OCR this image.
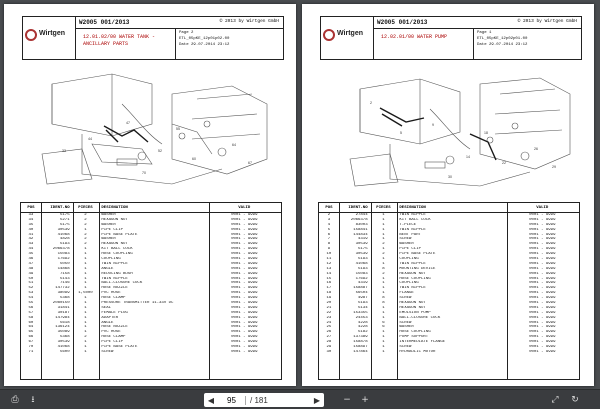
Wirtgen
W2005 001/2013	© 2013 by Wirtgen GmbH
12.01.02/00 WATER TANK - ANCILLARY PARTS
Page 2
ETL_05pKE_12p01p02-00
Date 29.07.2014 23:12
33
44
47
52
55
60
64
67
70
POS	IDENT-NO	PIECES	DESIGNATION	VALID
33	5175	2	WASHER	0001 - 9999
34	5271	2	HEXAGON NUT	0001 - 9999
35	5175	2	WASHER	0001 - 9999
40	30539	1	PIPE CLIP	0001 - 9999
41	41068	2	PIPE BASE PLATE	0001 - 9999
42	4828	2	WASHER	0001 - 9999
43	5193	2	HEXAGON NUT	0001 - 9999
44	2066378	1	KIT BALL COCK	0001 - 9999
45	15083	1	HOSE COUPLING	0001 - 9999
46	17692	1	COUPLING	0001 - 9999
47	5050	1	TWIN NIPPLE	0001 - 9999
48	14868	1	ANGLE	0001 - 9999
49	7158	1	REDUCING BUSH	0001 - 9999
50	5143	1	TWIN NIPPLE	0001 - 9999
51	7146	1	BALL-CLOSURE COCK	0001 - 9999
52	147732	1	HOSE NOZZLE	0001 - 9999
53	38099	1,5000	PVC HOSE	0001 - 9999
54	5368	1	HOSE CLAMP	0001 - 9999
55	2080150	1	PRESSURE TRANSMITTER 11-33V DC	0001 - 9999
56	31841	1	SEAL	0001 - 9999
57	30187	1	FEMALE PLUG	0001 - 9999
58	147984	1	ADAPTER	0001 - 9999
60	5618	1	ANGLE	0001 - 9999
64	136124	1	HOSE NOZZLE	0001 - 9999
65	35089	1	PVC HOSE	0001 - 9999
66	5368	2	HOSE CLAMP	0001 - 9999
67	30539	1	PIPE CLIP	0001 - 9999
70	41068	1	PIPE BASE PLATE	0001 - 9999
71	5600	1	SCREW	0001 - 9999
Wirtgen
W2005 001/2013	© 2013 by Wirtgen GmbH
12.02.01/00 WATER PUMP
Page 1
ETL_05pKE_12p02p01-00
Date 29.07.2014 23:12
2
5
9
14
18
22
26
29
30
POS	IDENT-NO	PIECES	DESIGNATION	VALID
2	27844	1	TWIN NIPPLE	0001 - 9999
3	2066378	1	KIT BALL COCK	0001 - 9999
4	83003	1	T-PIECE	0001 - 9999
5	158841	1	TWIN NIPPLE	0001 - 9999
6	144834	1	BENT PART	0001 - 9999
7	4319	1	SCREW	0001 - 9999
8	30539	2	WASHER	0001 - 9999
9	5175	1	PIPE CLIP	0001 - 9999
10	30539	2	PIPE BASE PLATE	0001 - 9999
11	5193	1	COUPLING	0001 - 9999
12	41068	1	TWIN NIPPLE	0001 - 9999
13	5193	8	MOUNTING DEVICE	0001 - 9999
14	15083	2	HEXAGON NUT	0001 - 9999
15	17692	1	HOSE COUPLING	0001 - 9999
16	4319	1	COUPLING	0001 - 9999
17	158887	1	TWIN NIPPLE	0001 - 9999
18	56504	1	FLANGE	0001 - 9999
19	4987	8	SCREW	0001 - 9999
20	5193	8	HEXAGON NUT	0001 - 9999
21	5134	1	HEXAGON NUT	0001 - 9999
22	153355	1	EMULSION PUMP	0001 - 9999
23	24453	1	BALL-CLOSURE COCK	0001 - 9999
24	4228	6	SCREW	0001 - 9999
25	4228	6	WASHER	0001 - 9999
26	5182	1	HOSE COUPLING	0001 - 9999
27	137389	1	PUMP SUPPORT	0001 - 9999
28	158878	1	INTERMEDIATE FLANGE	0001 - 9999
29	158897	1	SCREW	0001 - 9999
30	147864	1	HYDRAULIC MOTOR	0001 - 9999
⎙	⭳	◀	95	/ 181	▶	−	+	⤢	↻
